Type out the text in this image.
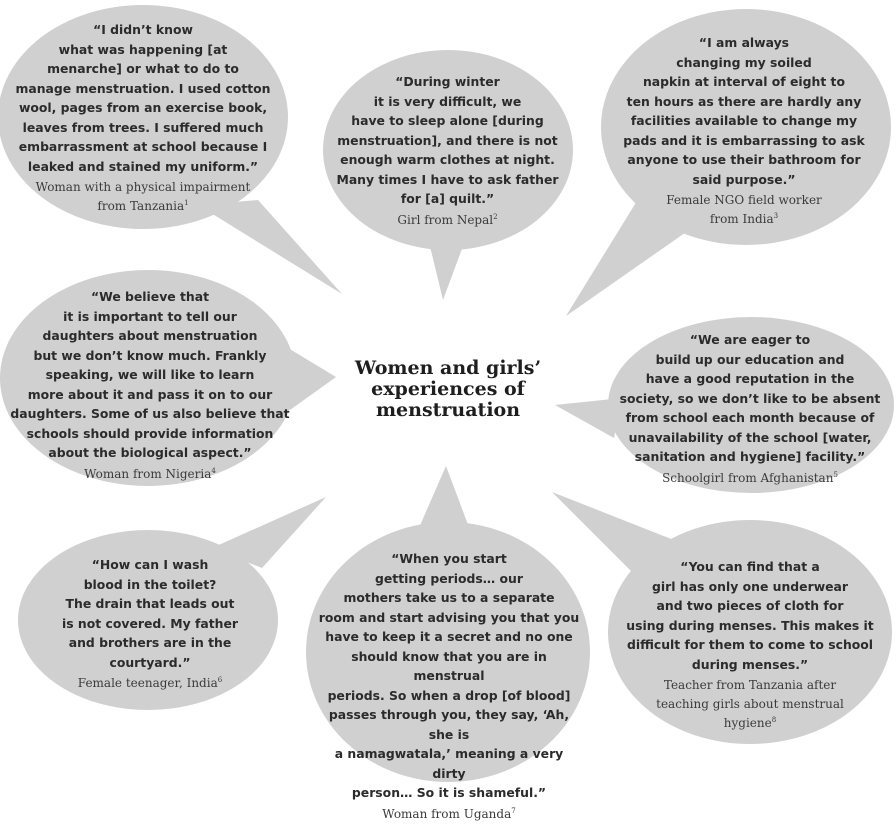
Women and girls’
experiences of
menstruation
“I didn’t know
what was happening [at
menarche] or what to do to
manage menstruation. I used cotton
wool, pages from an exercise book,
leaves from trees. I suffered much
embarrassment at school because I
leaked and stained my uniform.”
Woman with a physical impairment
from Tanzania$^1$
“During winter
it is very difficult, we
have to sleep alone [during
menstruation], and there is not
enough warm clothes at night.
Many times I have to ask father
for [a] quilt.”
Girl from Nepal$^2$
“I am always
changing my soiled
napkin at interval of eight to
ten hours as there are hardly any
facilities available to change my
pads and it is embarrassing to ask
anyone to use their bathroom for
said purpose.”
Female NGO field worker
from India$^3$
“We believe that
it is important to tell our
daughters about menstruation
but we don’t know much. Frankly
speaking, we will like to learn
more about it and pass it on to our
daughters. Some of us also believe that
schools should provide information
about the biological aspect.”
Woman from Nigeria$^4$
“We are eager to
build up our education and
have a good reputation in the
society, so we don’t like to be absent
from school each month because of
unavailability of the school [water,
sanitation and hygiene] facility.”
Schoolgirl from Afghanistan$^5$
“How can I wash
blood in the toilet?
The drain that leads out
is not covered. My father
and brothers are in the
courtyard.”
Female teenager, India$^6$
“When you start
getting periods… our
mothers take us to a separate
room and start advising you that you
have to keep it a secret and no one
should know that you are in menstrual
periods. So when a drop [of blood]
passes through you, they say, ‘Ah, she is
a namagwatala,’ meaning a very dirty
person… So it is shameful.”
Woman from Uganda$^7$
“You can find that a
girl has only one underwear
and two pieces of cloth for
using during menses. This makes it
difficult for them to come to school
during menses.”
Teacher from Tanzania after
teaching girls about menstrual
hygiene$^8$
